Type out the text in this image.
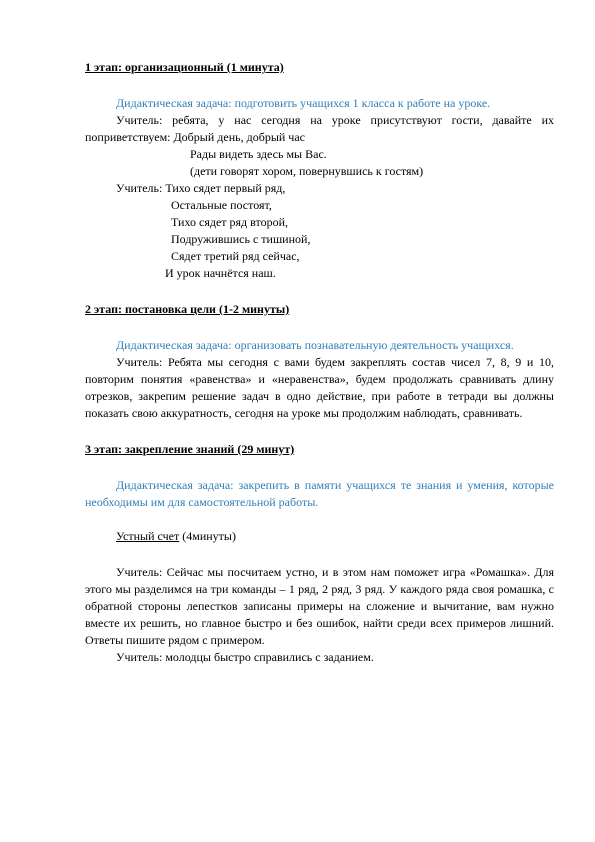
1 этап: организационный (1 минута)

Дидактическая задача: подготовить учащихся 1 класса к работе на уроке.

Учитель: ребята, у нас сегодня на уроке присутствуют гости, давайте их поприветствуем: Добрый день, добрый час

Рады видеть здесь мы Вас.

(дети говорят хором, повернувшись к гостям)

Учитель: Тихо сядет первый ряд,

Остальные постоят,

Тихо сядет ряд второй,

Подружившись с тишиной,

Сядет третий ряд сейчас,

И урок начнётся наш.

2 этап: постановка цели (1-2 минуты)

Дидактическая задача: организовать познавательную деятельность учащихся.

Учитель: Ребята мы сегодня с вами будем закреплять состав чисел 7, 8, 9 и 10, повторим понятия «равенства» и «неравенства», будем продолжать сравнивать длину отрезков, закрепим решение задач в одно действие, при работе в тетради вы должны показать свою аккуратность, сегодня на уроке мы продолжим наблюдать, сравнивать.

3 этап: закрепление знаний (29 минут)

Дидактическая задача: закрепить в памяти учащихся те знания и умения, которые необходимы им для самостоятельной работы.

Устный счет (4минуты)

Учитель: Сейчас мы посчитаем устно, и в этом нам поможет игра «Ромашка». Для этого мы разделимся на три команды – 1 ряд, 2 ряд, 3 ряд. У каждого ряда своя ромашка, с обратной стороны лепестков записаны примеры на сложение и вычитание, вам нужно вместе их решить, но главное быстро и без ошибок, найти среди всех примеров лишний. Ответы пишите рядом с примером.

Учитель: молодцы быстро справились с заданием.
